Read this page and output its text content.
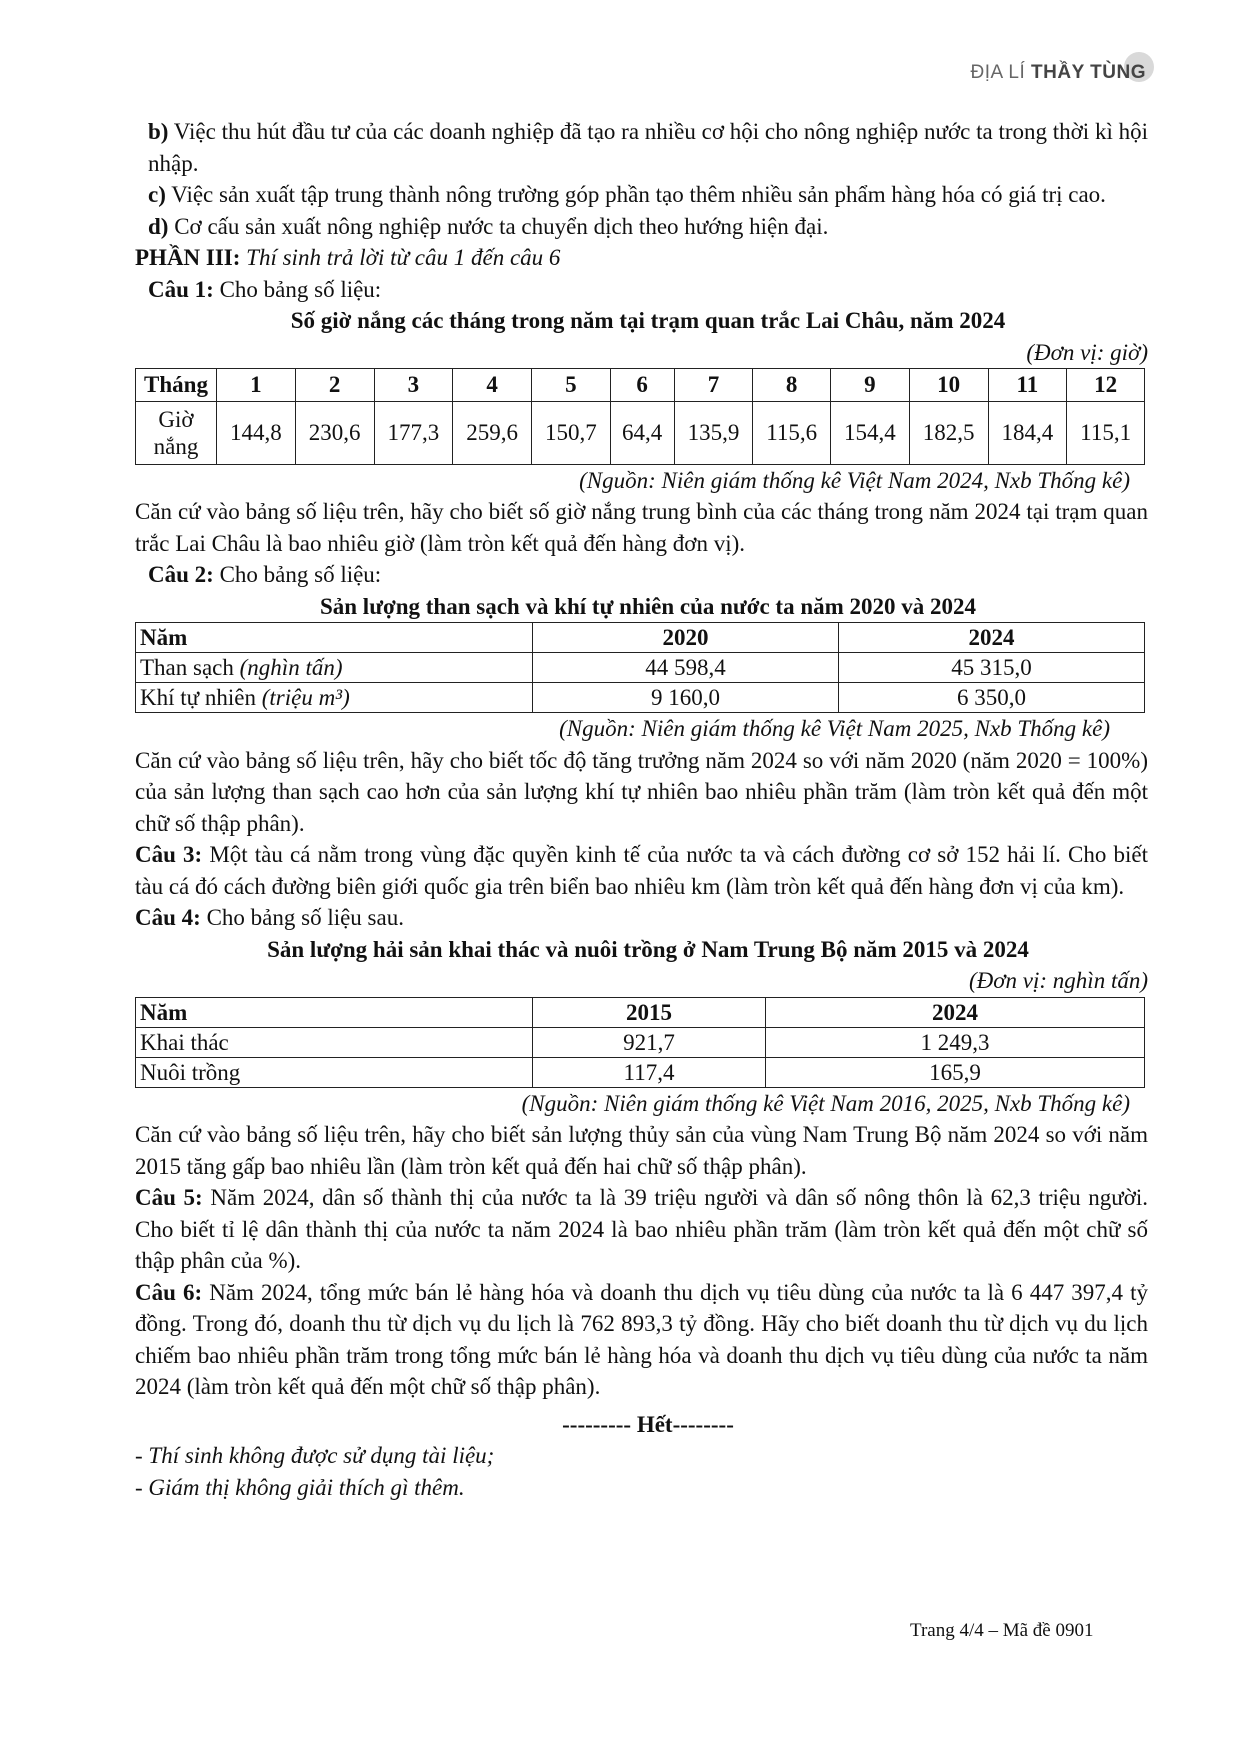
ĐỊA LÍ THẦY TÙNG

b) Việc thu hút đầu tư của các doanh nghiệp đã tạo ra nhiều cơ hội cho nông nghiệp nước ta trong thời kì hội nhập.

c) Việc sản xuất tập trung thành nông trường góp phần tạo thêm nhiều sản phẩm hàng hóa có giá trị cao.

d) Cơ cấu sản xuất nông nghiệp nước ta chuyển dịch theo hướng hiện đại.

PHẦN III: Thí sinh trả lời từ câu 1 đến câu 6

Câu 1: Cho bảng số liệu:

Số giờ nắng các tháng trong năm tại trạm quan trắc Lai Châu, năm 2024

(Đơn vị: giờ)

Tháng	1	2	3	4	5	6	7	8	9	10	11	12
Giờ nắng	144,8	230,6	177,3	259,6	150,7	64,4	135,9	115,6	154,4	182,5	184,4	115,1

(Nguồn: Niên giám thống kê Việt Nam 2024, Nxb Thống kê)

Căn cứ vào bảng số liệu trên, hãy cho biết số giờ nắng trung bình của các tháng trong năm 2024 tại trạm quan trắc Lai Châu là bao nhiêu giờ (làm tròn kết quả đến hàng đơn vị).

Câu 2: Cho bảng số liệu:

Sản lượng than sạch và khí tự nhiên của nước ta năm 2020 và 2024

Năm	2020	2024
Than sạch (nghìn tấn)	44 598,4	45 315,0
Khí tự nhiên (triệu m³)	9 160,0	6 350,0

(Nguồn: Niên giám thống kê Việt Nam 2025, Nxb Thống kê)

Căn cứ vào bảng số liệu trên, hãy cho biết tốc độ tăng trưởng năm 2024 so với năm 2020 (năm 2020 = 100%) của sản lượng than sạch cao hơn của sản lượng khí tự nhiên bao nhiêu phần trăm (làm tròn kết quả đến một chữ số thập phân).

Câu 3: Một tàu cá nằm trong vùng đặc quyền kinh tế của nước ta và cách đường cơ sở 152 hải lí. Cho biết tàu cá đó cách đường biên giới quốc gia trên biển bao nhiêu km (làm tròn kết quả đến hàng đơn vị của km).

Câu 4: Cho bảng số liệu sau.

Sản lượng hải sản khai thác và nuôi trồng ở Nam Trung Bộ năm 2015 và 2024

(Đơn vị: nghìn tấn)

Năm	2015	2024
Khai thác	921,7	1 249,3
Nuôi trồng	117,4	165,9

(Nguồn: Niên giám thống kê Việt Nam 2016, 2025, Nxb Thống kê)

Căn cứ vào bảng số liệu trên, hãy cho biết sản lượng thủy sản của vùng Nam Trung Bộ năm 2024 so với năm 2015 tăng gấp bao nhiêu lần (làm tròn kết quả đến hai chữ số thập phân).

Câu 5: Năm 2024, dân số thành thị của nước ta là 39 triệu người và dân số nông thôn là 62,3 triệu người. Cho biết tỉ lệ dân thành thị của nước ta năm 2024 là bao nhiêu phần trăm (làm tròn kết quả đến một chữ số thập phân của %).

Câu 6: Năm 2024, tổng mức bán lẻ hàng hóa và doanh thu dịch vụ tiêu dùng của nước ta là 6 447 397,4 tỷ đồng. Trong đó, doanh thu từ dịch vụ du lịch là 762 893,3 tỷ đồng. Hãy cho biết doanh thu từ dịch vụ du lịch chiếm bao nhiêu phần trăm trong tổng mức bán lẻ hàng hóa và doanh thu dịch vụ tiêu dùng của nước ta năm 2024 (làm tròn kết quả đến một chữ số thập phân).

--------- Hết--------

- Thí sinh không được sử dụng tài liệu;

- Giám thị không giải thích gì thêm.

Trang 4/4 – Mã đề 0901
